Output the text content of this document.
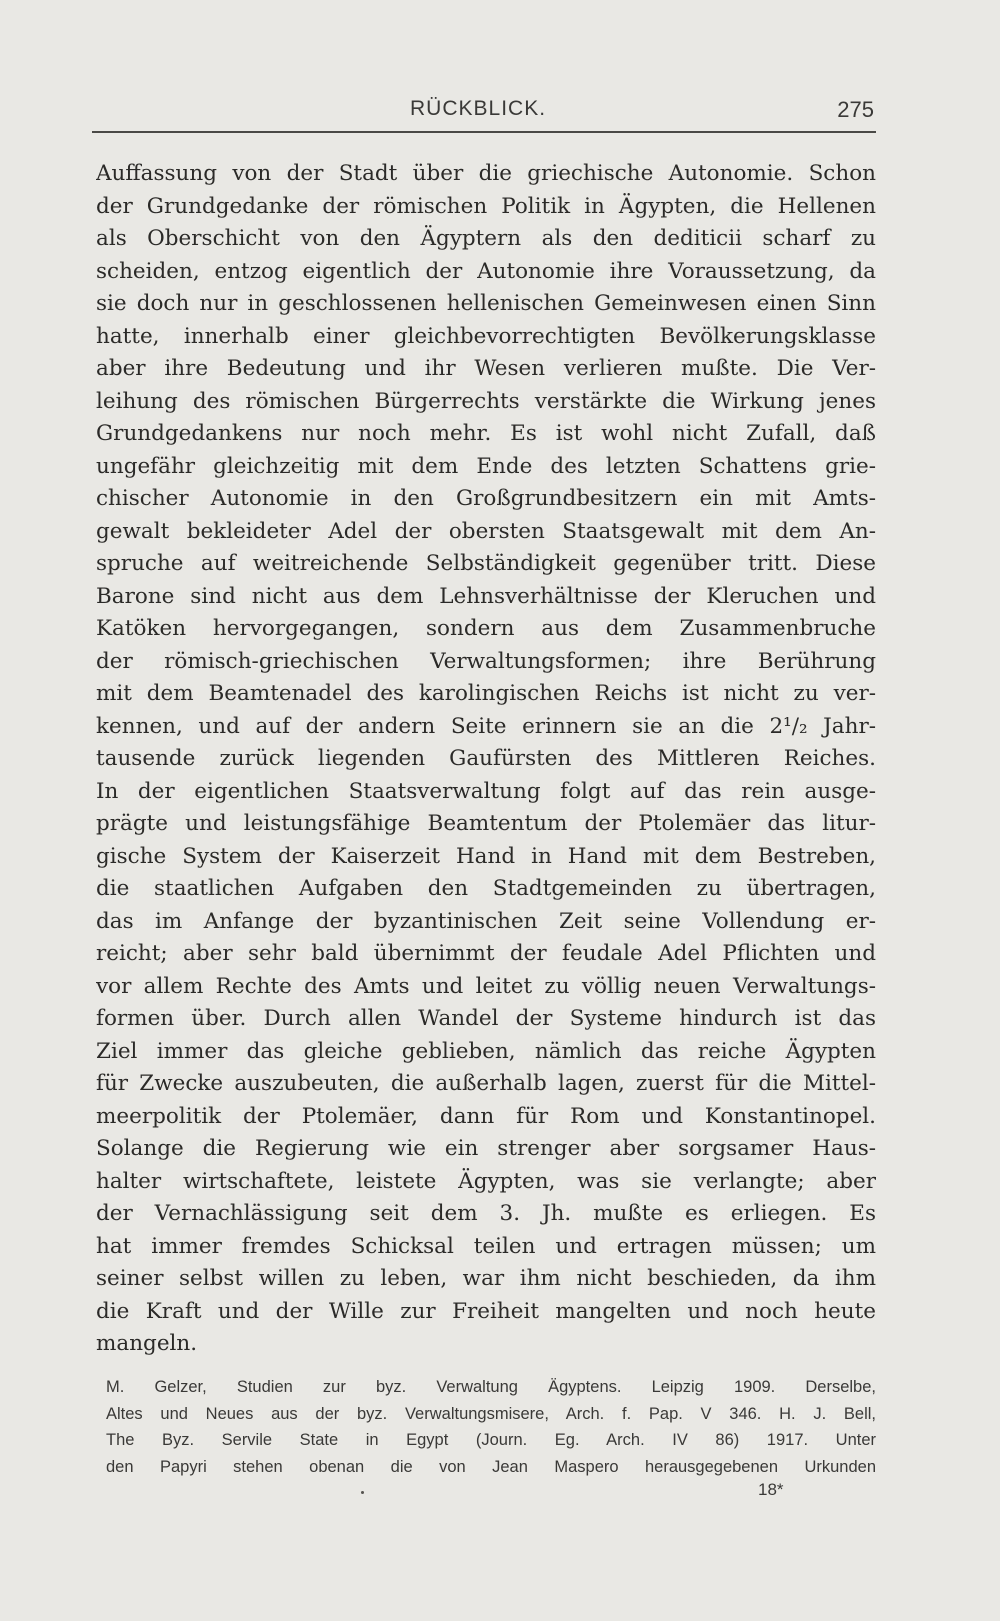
RÜCKBLICK.	275
Auffassung von der Stadt über die griechische Autonomie. Schon
der Grundgedanke der römischen Politik in Ägypten, die Hellenen
als Oberschicht von den Ägyptern als den dediticii scharf zu
scheiden, entzog eigentlich der Autonomie ihre Voraussetzung, da
sie doch nur in geschlossenen hellenischen Gemeinwesen einen Sinn
hatte, innerhalb einer gleichbevorrechtigten Bevölkerungsklasse
aber ihre Bedeutung und ihr Wesen verlieren mußte. Die Ver-
leihung des römischen Bürgerrechts verstärkte die Wirkung jenes
Grundgedankens nur noch mehr. Es ist wohl nicht Zufall, daß
ungefähr gleichzeitig mit dem Ende des letzten Schattens grie-
chischer Autonomie in den Großgrundbesitzern ein mit Amts-
gewalt bekleideter Adel der obersten Staatsgewalt mit dem An-
spruche auf weitreichende Selbständigkeit gegenüber tritt. Diese
Barone sind nicht aus dem Lehnsverhältnisse der Kleruchen und
Katöken hervorgegangen, sondern aus dem Zusammenbruche
der römisch-griechischen Verwaltungsformen; ihre Berührung
mit dem Beamtenadel des karolingischen Reichs ist nicht zu ver-
kennen, und auf der andern Seite erinnern sie an die 2¹/₂ Jahr-
tausende zurück liegenden Gaufürsten des Mittleren Reiches.
In der eigentlichen Staatsverwaltung folgt auf das rein ausge-
prägte und leistungsfähige Beamtentum der Ptolemäer das litur-
gische System der Kaiserzeit Hand in Hand mit dem Bestreben,
die staatlichen Aufgaben den Stadtgemeinden zu übertragen,
das im Anfange der byzantinischen Zeit seine Vollendung er-
reicht; aber sehr bald übernimmt der feudale Adel Pflichten und
vor allem Rechte des Amts und leitet zu völlig neuen Verwaltungs-
formen über. Durch allen Wandel der Systeme hindurch ist das
Ziel immer das gleiche geblieben, nämlich das reiche Ägypten
für Zwecke auszubeuten, die außerhalb lagen, zuerst für die Mittel-
meerpolitik der Ptolemäer, dann für Rom und Konstantinopel.
Solange die Regierung wie ein strenger aber sorgsamer Haus-
halter wirtschaftete, leistete Ägypten, was sie verlangte; aber
der Vernachlässigung seit dem 3. Jh. mußte es erliegen. Es
hat immer fremdes Schicksal teilen und ertragen müssen; um
seiner selbst willen zu leben, war ihm nicht beschieden, da ihm
die Kraft und der Wille zur Freiheit mangelten und noch heute
mangeln.
M. Gelzer, Studien zur byz. Verwaltung Ägyptens. Leipzig 1909. Derselbe,
Altes und Neues aus der byz. Verwaltungsmisere, Arch. f. Pap. V 346. H. J. Bell,
The Byz. Servile State in Egypt (Journ. Eg. Arch. IV 86) 1917. Unter
den Papyri stehen obenan die von Jean Maspero herausgegebenen Urkunden
18*
